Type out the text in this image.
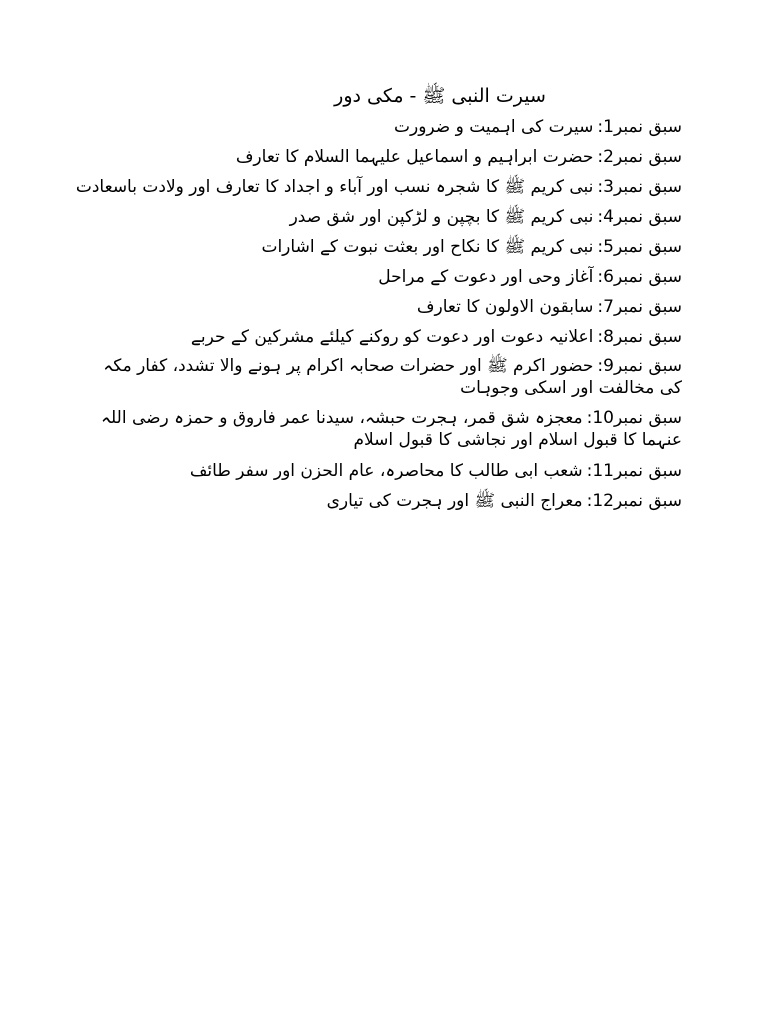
سیرت النبی ﷺ - مکی دور
سبق نمبر1:سیرت کی اہمیت و ضرورت
سبق نمبر2:حضرت ابراہیم و اسماعیل علیہما السلام کا تعارف
سبق نمبر3:نبی کریم ﷺ کا شجرہ نسب اور آباء و اجداد کا تعارف اور ولادت باسعادت
سبق نمبر4:نبی کریم ﷺ کا بچپن و لڑکپن اور شق صدر
سبق نمبر5:نبی کریم ﷺ کا نکاح اور بعثت نبوت کے اشارات
سبق نمبر6:آغاز وحی اور دعوت کے مراحل
سبق نمبر7:سابقون الاولون کا تعارف
سبق نمبر8:اعلانیہ دعوت اور دعوت کو روکنے کیلئے مشرکین کے حربے
سبق نمبر9:حضور اکرم ﷺ اور حضرات صحابہ اکرام پر ہونے والا تشدد، کفار مکہ کی مخالفت اور اسکی وجوہات
سبق نمبر10:معجزہ شق قمر، ہجرت حبشہ، سیدنا عمر فاروق و حمزہ رضی اللہ عنہما کا قبول اسلام اور نجاشی کا قبول اسلام
سبق نمبر11:شعب ابی طالب کا محاصرہ، عام الحزن اور سفر طائف
سبق نمبر12:معراج النبی ﷺ اور ہجرت کی تیاری
